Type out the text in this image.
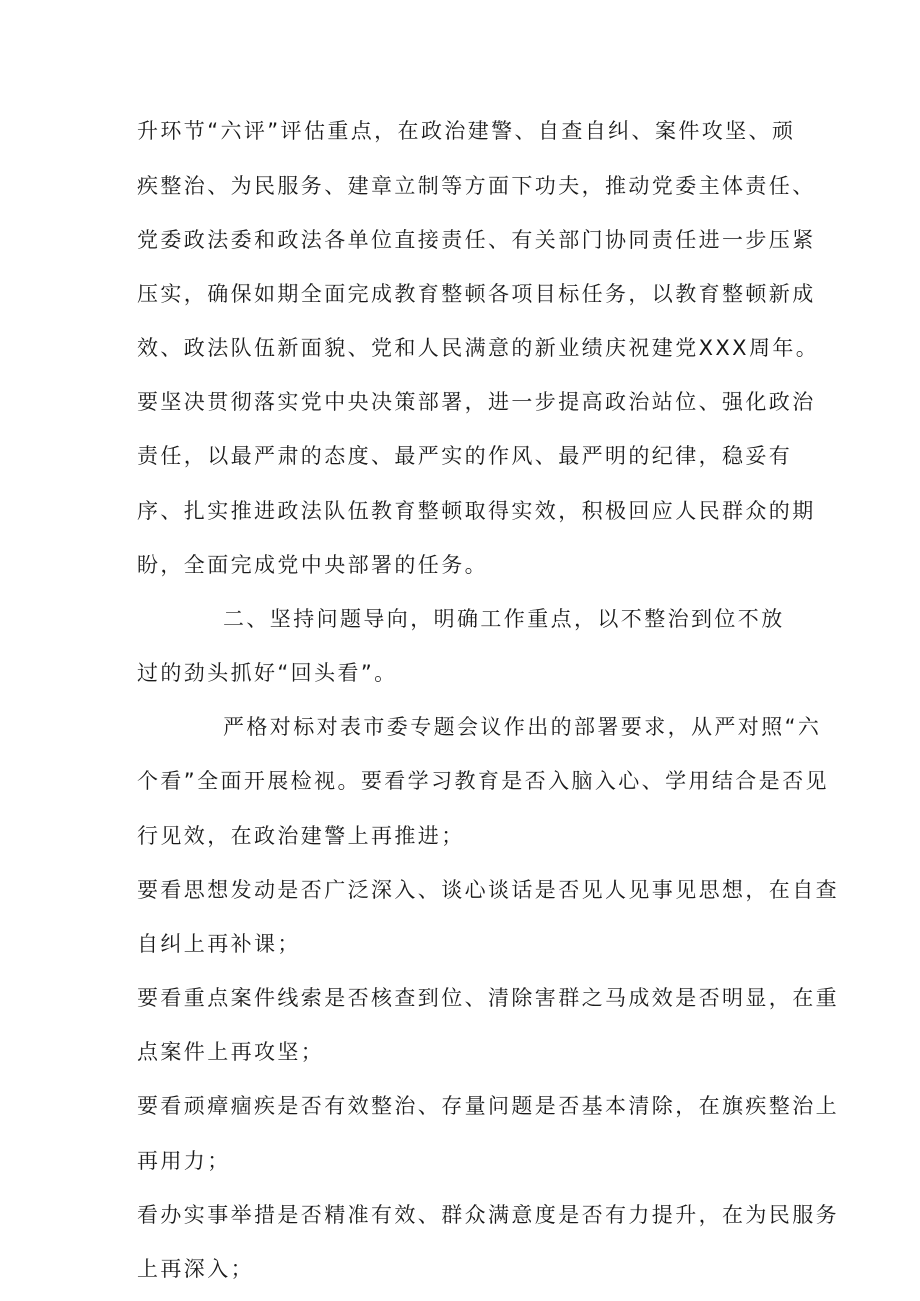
升环节“六评”评估重点，在政治建警、自查自纠、案件攻坚、顽
疾整治、为民服务、建章立制等方面下功夫，推动党委主体责任、
党委政法委和政法各单位直接责任、有关部门协同责任进一步压紧
压实，确保如期全面完成教育整顿各项目标任务，以教育整顿新成
效、政法队伍新面貌、党和人民满意的新业绩庆祝建党XXX周年。
要坚决贯彻落实党中央决策部署，进一步提高政治站位、强化政治
责任，以最严肃的态度、最严实的作风、最严明的纪律，稳妥有
序、扎实推进政法队伍教育整顿取得实效，积极回应人民群众的期
盼，全面完成党中央部署的任务。
二、坚持问题导向，明确工作重点，以不整治到位不放
过的劲头抓好“回头看”。
严格对标对表市委专题会议作出的部署要求，从严对照“六
个看”全面开展检视。要看学习教育是否入脑入心、学用结合是否见
行见效，在政治建警上再推进；
要看思想发动是否广泛深入、谈心谈话是否见人见事见思想，在自查
自纠上再补课；
要看重点案件线索是否核查到位、清除害群之马成效是否明显，在重
点案件上再攻坚；
要看顽瘴痼疾是否有效整治、存量问题是否基本清除，在旗疾整治上
再用力；
看办实事举措是否精准有效、群众满意度是否有力提升，在为民服务
上再深入；
